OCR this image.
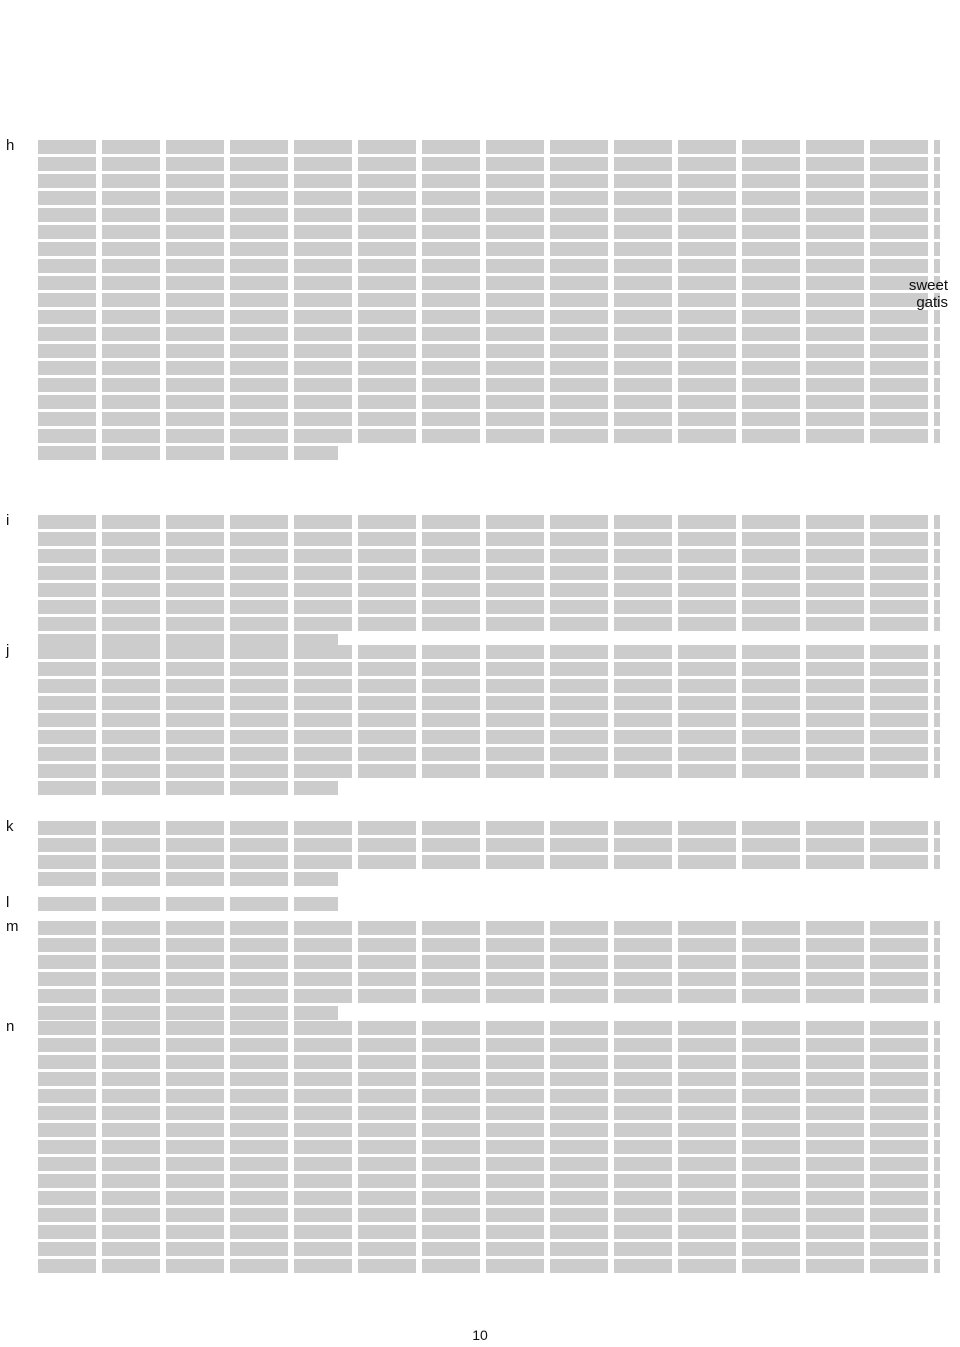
h
sweet
gatis
i
j
k
l
m
n
10
